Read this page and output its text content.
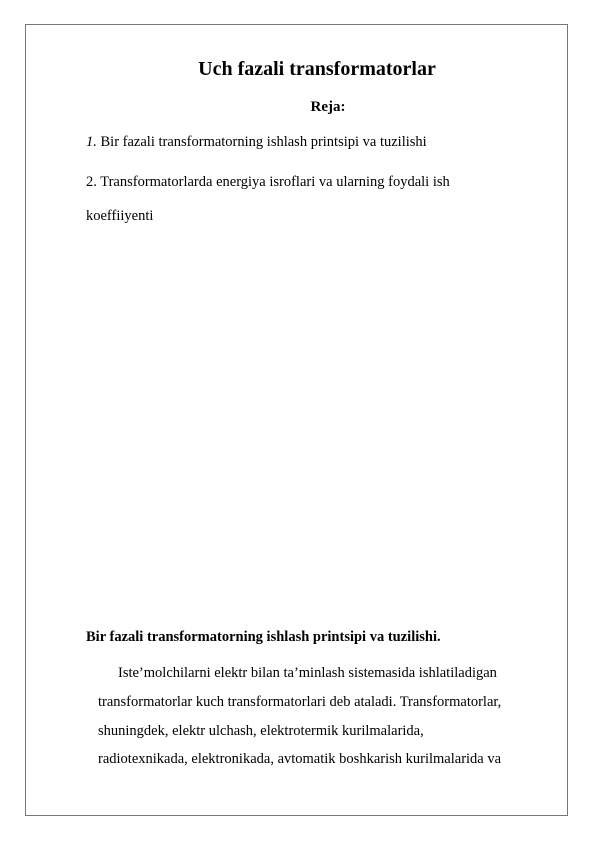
Uch fazali transformatorlar
Reja:
1. Bir fazali transformatorning ishlash printsipi va tuzilishi
2. Transformatorlarda energiya isroflari va ularning foydali ish
koeffiiyenti
Bir fazali transformatorning ishlash printsipi va tuzilishi.
Iste’molchilarni elektr bilan ta’minlash sistemasida ishlatiladigan
transformatorlar kuch transformatorlari deb ataladi. Transformatorlar,
shuningdek, elektr ulchash, elektrotermik kurilmalarida,
radiotexnikada, elektronikada, avtomatik boshkarish kurilmalarida va
